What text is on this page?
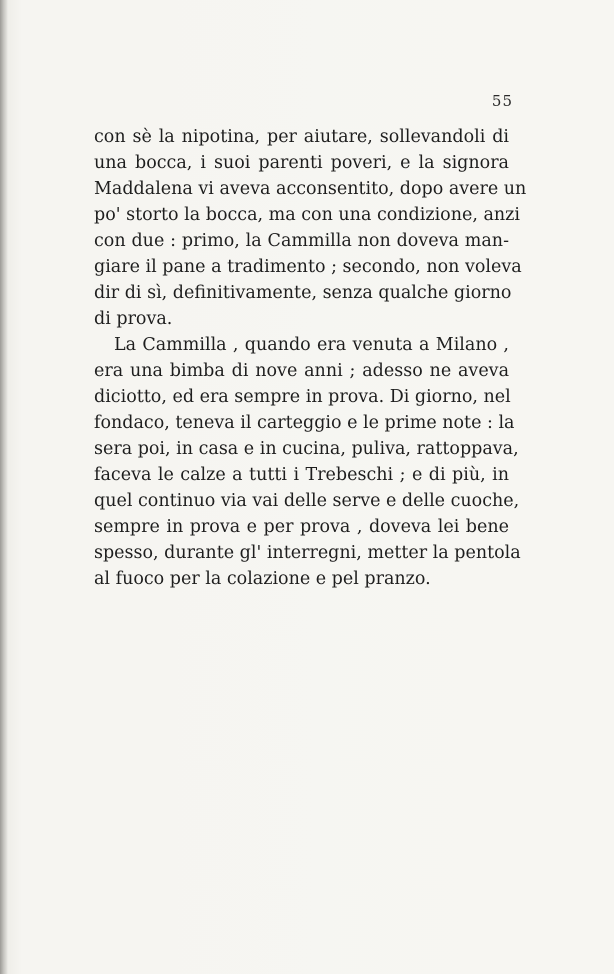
55

con sè la nipotina, per aiutare, sollevandoli di
una bocca, i suoi parenti poveri, e la signora
Maddalena vi aveva acconsentito, dopo avere un
po' storto la bocca, ma con una condizione, anzi
con due : primo, la Cammilla non doveva man-
giare il pane a tradimento ; secondo, non voleva
dir di sì, definitivamente, senza qualche giorno
di prova.

La Cammilla , quando era venuta a Milano ,
era una bimba di nove anni ; adesso ne aveva
diciotto, ed era sempre in prova. Di giorno, nel
fondaco, teneva il carteggio e le prime note : la
sera poi, in casa e in cucina, puliva, rattoppava,
faceva le calze a tutti i Trebeschi ; e di più, in
quel continuo via vai delle serve e delle cuoche,
sempre in prova e per prova , doveva lei bene
spesso, durante gl' interregni, metter la pentola
al fuoco per la colazione e pel pranzo.
